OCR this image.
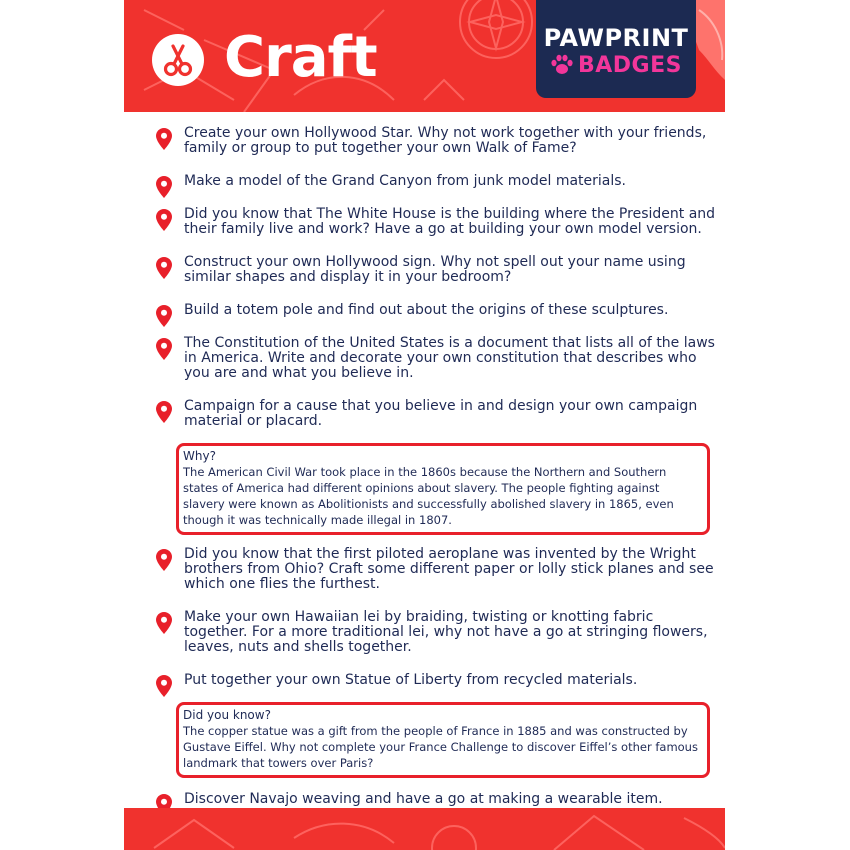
Craft	PAWPRINT
BADGES
Create your own Hollywood Star. Why not work together with your friends, family or group to put together your own Walk of Fame?
Make a model of the Grand Canyon from junk model materials.
Did you know that The White House is the building where the President and their family live and work? Have a go at building your own model version.
Construct your own Hollywood sign. Why not spell out your name using similar shapes and display it in your bedroom?
Build a totem pole and find out about the origins of these sculptures.
The Constitution of the United States is a document that lists all of the laws in America. Write and decorate your own constitution that describes who you are and what you believe in.
Campaign for a cause that you believe in and design your own campaign material or placard.
Why?
The American Civil War took place in the 1860s because the Northern and Southern states of America had different opinions about slavery. The people fighting against slavery were known as Abolitionists and successfully abolished slavery in 1865, even though it was technically made illegal in 1807.
Did you know that the first piloted aeroplane was invented by the Wright brothers from Ohio? Craft some different paper or lolly stick planes and see which one flies the furthest.
Make your own Hawaiian lei by braiding, twisting or knotting fabric together. For a more traditional lei, why not have a go at stringing flowers, leaves, nuts and shells together.
Put together your own Statue of Liberty from recycled materials.
Did you know?
The copper statue was a gift from the people of France in 1885 and was constructed by Gustave Eiffel. Why not complete your France Challenge to discover Eiffel’s other famous landmark that towers over Paris?
Discover Navajo weaving and have a go at making a wearable item.
